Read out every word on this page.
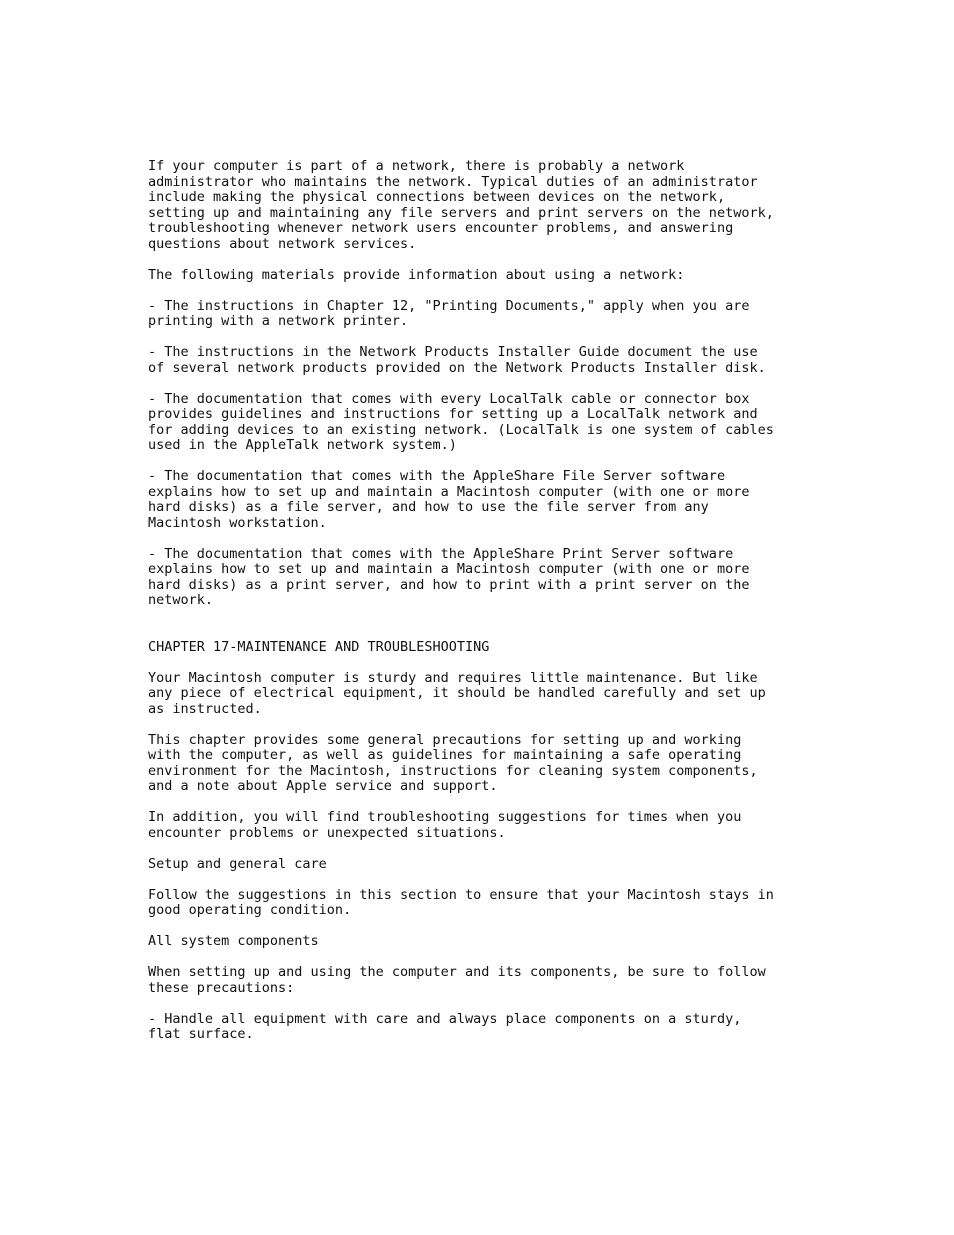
If your computer is part of a network, there is probably a network
administrator who maintains the network. Typical duties of an administrator
include making the physical connections between devices on the network,
setting up and maintaining any file servers and print servers on the network,
troubleshooting whenever network users encounter problems, and answering
questions about network services.

The following materials provide information about using a network:

- The instructions in Chapter 12, "Printing Documents," apply when you are
printing with a network printer.

- The instructions in the Network Products Installer Guide document the use
of several network products provided on the Network Products Installer disk.

- The documentation that comes with every LocalTalk cable or connector box
provides guidelines and instructions for setting up a LocalTalk network and
for adding devices to an existing network. (LocalTalk is one system of cables
used in the AppleTalk network system.)

- The documentation that comes with the AppleShare File Server software
explains how to set up and maintain a Macintosh computer (with one or more
hard disks) as a file server, and how to use the file server from any
Macintosh workstation.

- The documentation that comes with the AppleShare Print Server software
explains how to set up and maintain a Macintosh computer (with one or more
hard disks) as a print server, and how to print with a print server on the
network.

CHAPTER 17-MAINTENANCE AND TROUBLESHOOTING

Your Macintosh computer is sturdy and requires little maintenance. But like
any piece of electrical equipment, it should be handled carefully and set up
as instructed.

This chapter provides some general precautions for setting up and working
with the computer, as well as guidelines for maintaining a safe operating
environment for the Macintosh, instructions for cleaning system components,
and a note about Apple service and support.

In addition, you will find troubleshooting suggestions for times when you
encounter problems or unexpected situations.

Setup and general care

Follow the suggestions in this section to ensure that your Macintosh stays in
good operating condition.

All system components

When setting up and using the computer and its components, be sure to follow
these precautions:

- Handle all equipment with care and always place components on a sturdy,
flat surface.
